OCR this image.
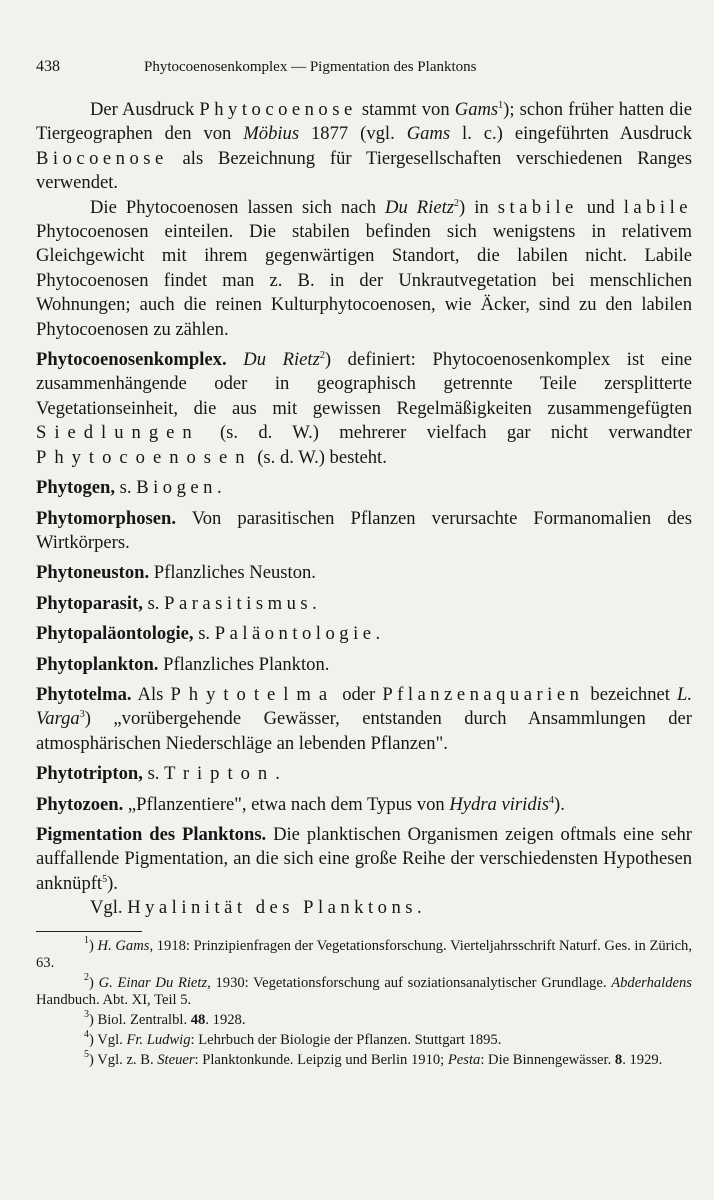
438	Phytocoenosenkomplex — Pigmentation des Planktons

Der Ausdruck Phytocoenose stammt von Gams$^1$); schon früher hatten die Tiergeographen den von Möbius 1877 (vgl. Gams l. c.) eingeführten Ausdruck Biocoenose als Bezeichnung für Tiergesellschaften verschiedenen Ranges verwendet.

Die Phytocoenosen lassen sich nach Du Rietz$^2$) in stabile und labile Phytocoenosen einteilen. Die stabilen befinden sich wenigstens in relativem Gleichgewicht mit ihrem gegenwärtigen Standort, die labilen nicht. Labile Phytocoenosen findet man z. B. in der Unkrautvegetation bei menschlichen Wohnungen; auch die reinen Kulturphytocoenosen, wie Äcker, sind zu den labilen Phytocoenosen zu zählen.

Phytocoenosenkomplex. Du Rietz$^2$) definiert: Phytocoenosenkomplex ist eine zusammenhängende oder in geographisch getrennte Teile zersplitterte Vegetationseinheit, die aus mit gewissen Regelmäßigkeiten zusammengefügten Siedlungen (s. d. W.) mehrerer vielfach gar nicht verwandter Phytocoenosen (s. d. W.) besteht.

Phytogen, s. Biogen.

Phytomorphosen. Von parasitischen Pflanzen verursachte Formanomalien des Wirtkörpers.

Phytoneuston. Pflanzliches Neuston.

Phytoparasit, s. Parasitismus.

Phytopaläontologie, s. Paläontologie.

Phytoplankton. Pflanzliches Plankton.

Phytotelma. Als Phytotelma oder Pflanzenaquarien bezeichnet L. Varga$^3$) „vorübergehende Gewässer, entstanden durch Ansammlungen der atmosphärischen Niederschläge an lebenden Pflanzen".

Phytotripton, s. Tripton.

Phytozoen. „Pflanzentiere", etwa nach dem Typus von Hydra viridis$^4$).

Pigmentation des Planktons. Die planktischen Organismen zeigen oftmals eine sehr auffallende Pigmentation, an die sich eine große Reihe der verschiedensten Hypothesen anknüpft$^5$).

Vgl. Hyalinität des Planktons.

$^1$) H. Gams, 1918: Prinzipienfragen der Vegetationsforschung. Vierteljahrsschrift Naturf. Ges. in Zürich, 63.

$^2$) G. Einar Du Rietz, 1930: Vegetationsforschung auf soziationsanalytischer Grundlage. Abderhaldens Handbuch. Abt. XI, Teil 5.

$^3$) Biol. Zentralbl. 48. 1928.

$^4$) Vgl. Fr. Ludwig: Lehrbuch der Biologie der Pflanzen. Stuttgart 1895.

$^5$) Vgl. z. B. Steuer: Planktonkunde. Leipzig und Berlin 1910; Pesta: Die Binnengewässer. 8. 1929.
